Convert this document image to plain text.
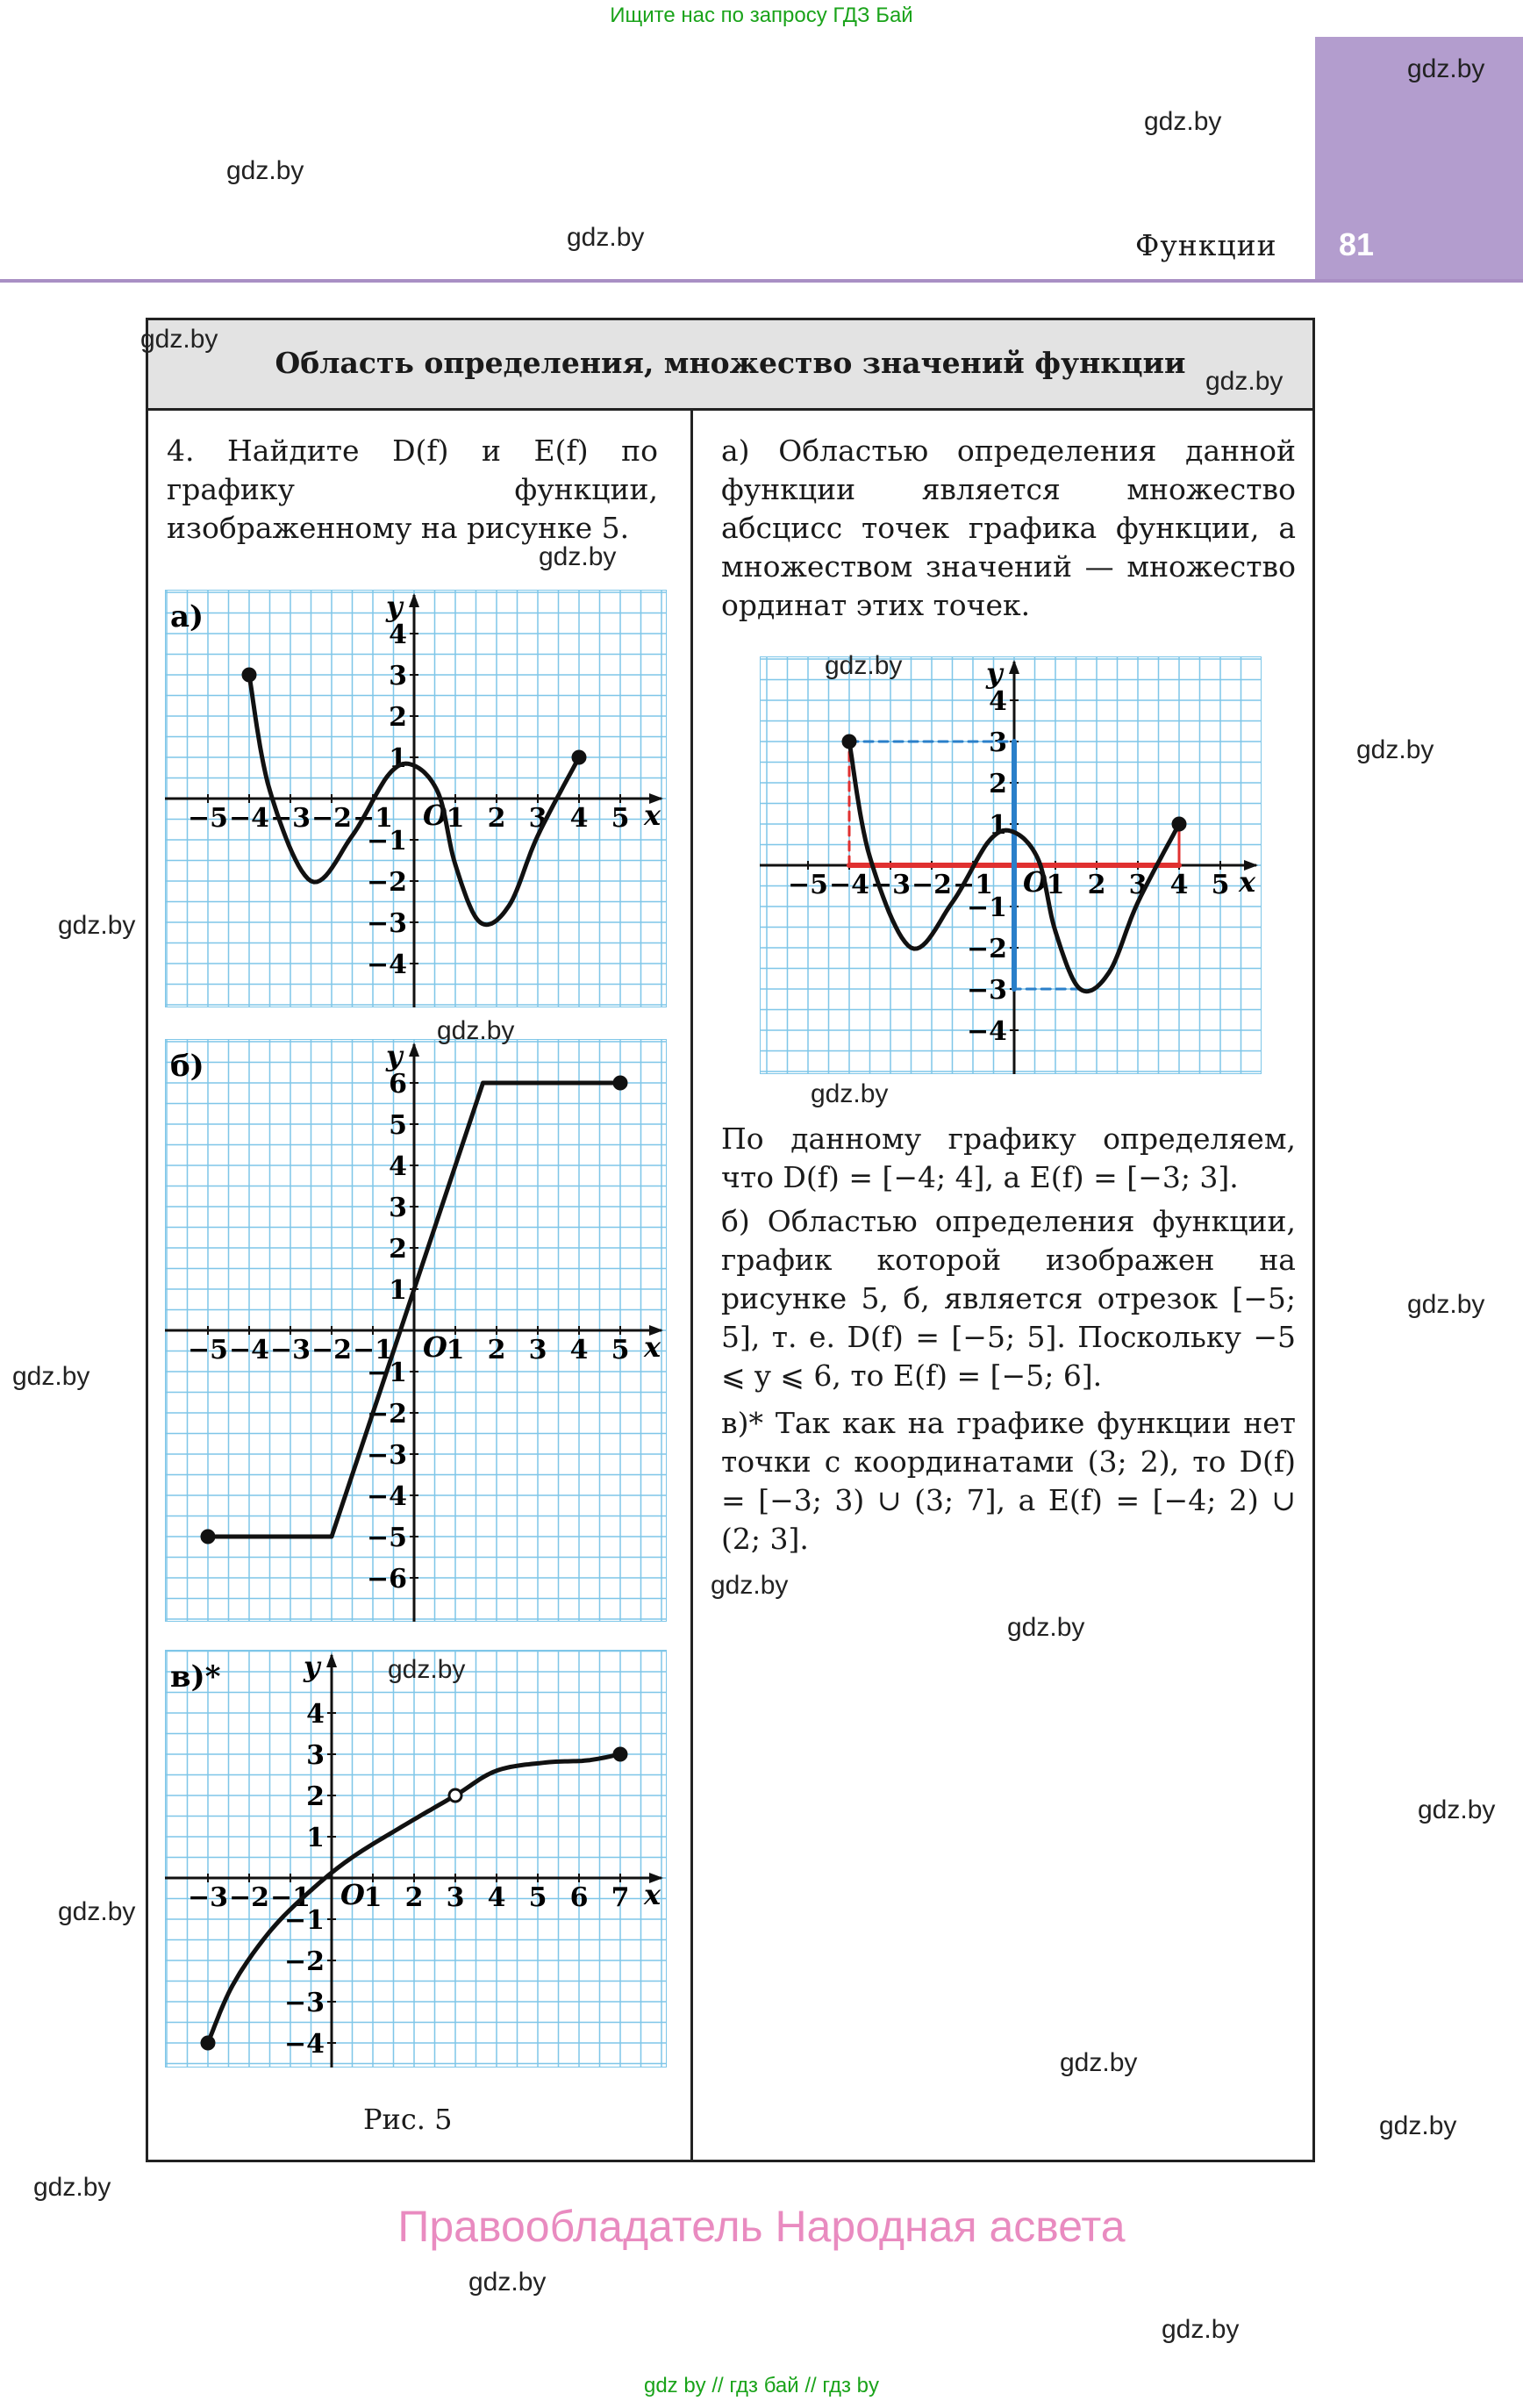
Ищите нас по запросу ГДЗ Бай
81
Функции
Область определения, множество значений функции
4. Найдите D(f) и E(f) по графику функции, изображенному на рисунке 5.
−5 −4 −3 −2 −1 1 2 3 4 5
−4
−3
−2
−1
1
2
3
4
x
y
O
а)
−5 −4 −3 −2 −1 1 2 3 4 5
−6
−5
−4
−3
−2
−1
1
2
3
4
5
6
x
y
O
б)
−3 −2 −1 1 2 3 4 5 6 7
−4
−3
−2
−1
1
2
3
4
x
y
O
в)*
−5 −4 −3 −2 −1 1 2 3 4 5
−4
−3
−2
−1
1
2
3
4
x
y
O
Рис. 5
а) Областью определения данной функции является множество абсцисс точек графика функции, а множеством значений — множество ординат этих точек.
По данному графику определяем, что D(f) = [−4; 4], а E(f) = [−3; 3].
б) Областью определения функции, график которой изображен на рисунке 5, б, является отрезок [−5; 5], т. е. D(f) = [−5; 5]. Поскольку −5 ⩽ y ⩽ 6, то E(f) = [−5; 6].
в)* Так как на графике функции нет точки с координатами (3; 2), то D(f) = [−3; 3) ∪ (3; 7], а E(f) = [−4; 2) ∪ (2; 3].
gdz.by
gdz.by
gdz.by
gdz.by
gdz.by
gdz.by
gdz.by
gdz.by
gdz.by
gdz.by
gdz.by
gdz.by
gdz.by
gdz.by
gdz.by
gdz.by
gdz.by
gdz.by
gdz.by
gdz.by
gdz.by
gdz.by
gdz.by
gdz.by
Правообладатель Народная асвета
gdz by // гдз бай // гдз by
